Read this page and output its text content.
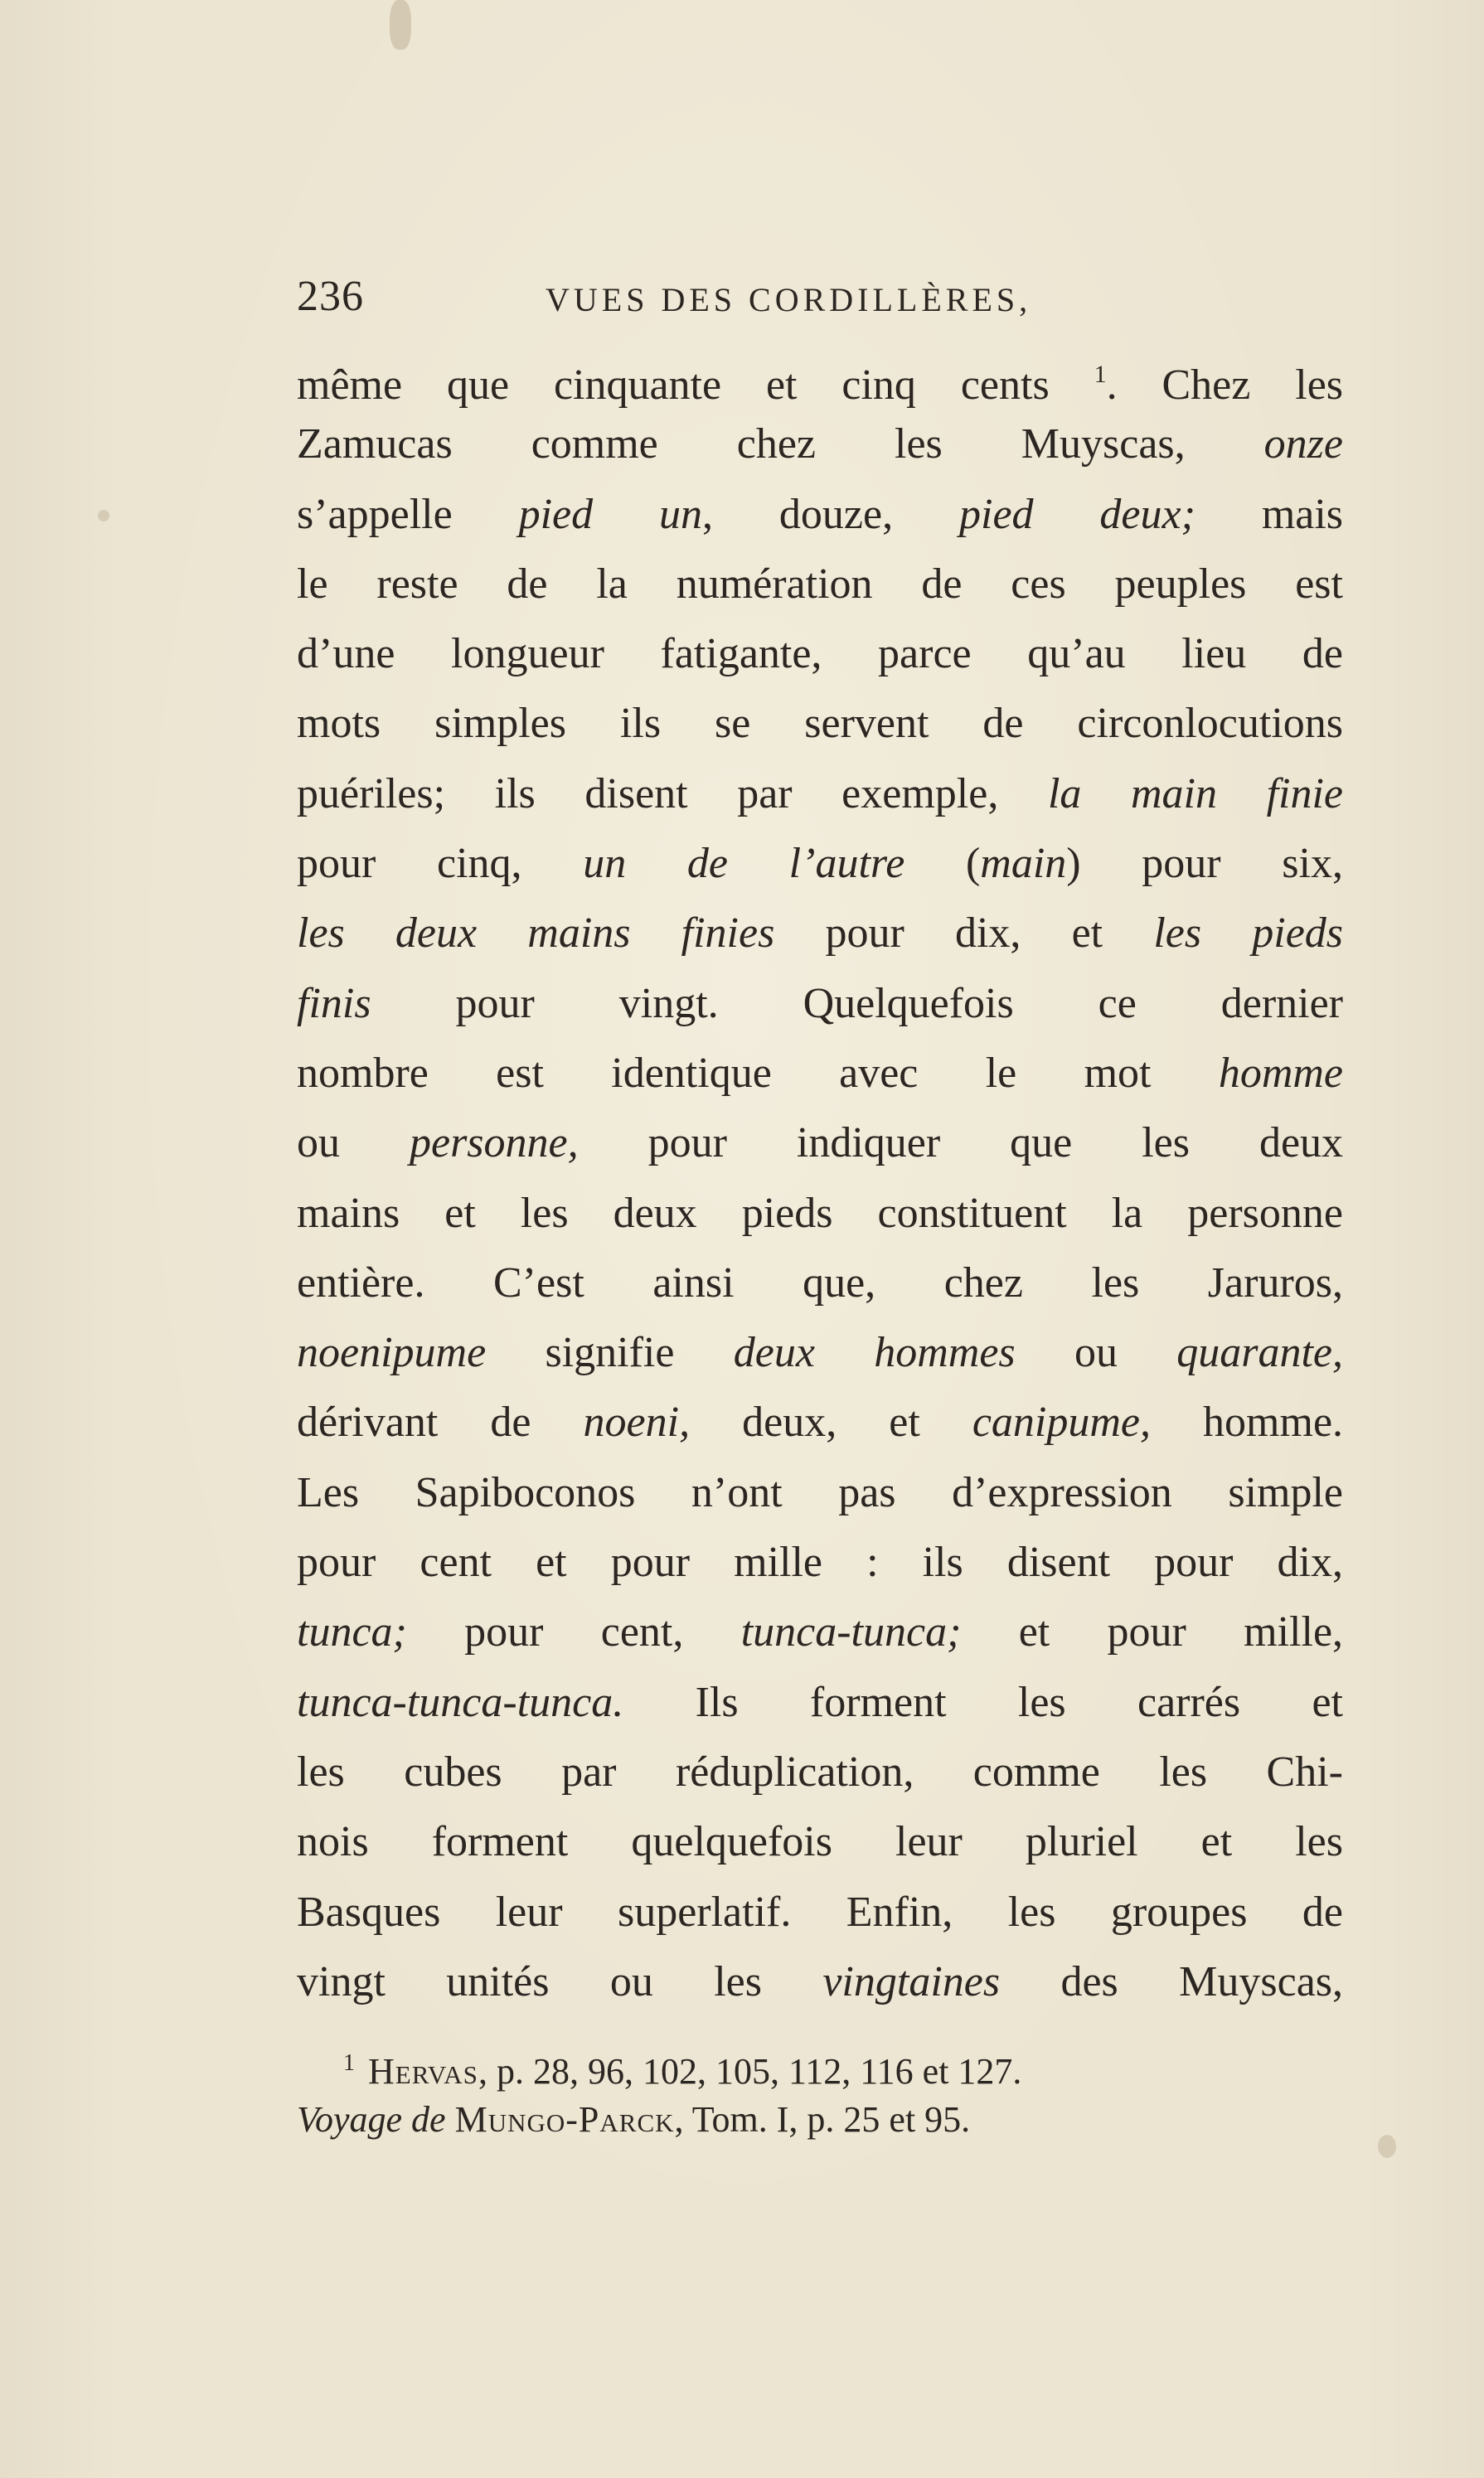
236	VUES DES CORDILLÈRES,
même que cinquante et cinq cents $^1$. Chez les
Zamucas comme chez les Muyscas, onze
s’appelle pied un, douze, pied deux; mais
le reste de la numération de ces peuples est
d’une longueur fatigante, parce qu’au lieu de
mots simples ils se servent de circonlocutions
puériles; ils disent par exemple, la main finie
pour cinq, un de l’autre (main) pour six,
les deux mains finies pour dix, et les pieds
finis pour vingt. Quelquefois ce dernier
nombre est identique avec le mot homme
ou personne, pour indiquer que les deux
mains et les deux pieds constituent la personne
entière. C’est ainsi que, chez les Jaruros,
noenipume signifie deux hommes ou quarante,
dérivant de noeni, deux, et canipume, homme.
Les Sapiboconos n’ont pas d’expression simple
pour cent et pour mille : ils disent pour dix,
tunca; pour cent, tunca-tunca; et pour mille,
tunca-tunca-tunca. Ils forment les carrés et
les cubes par réduplication, comme les Chi-
nois forment quelquefois leur pluriel et les
Basques leur superlatif. Enfin, les groupes de
vingt unités ou les vingtaines des Muyscas,
$^1$ Hervas, p. 28, 96, 102, 105, 112, 116 et 127.
Voyage de Mungo-Parck, Tom. I, p. 25 et 95.
